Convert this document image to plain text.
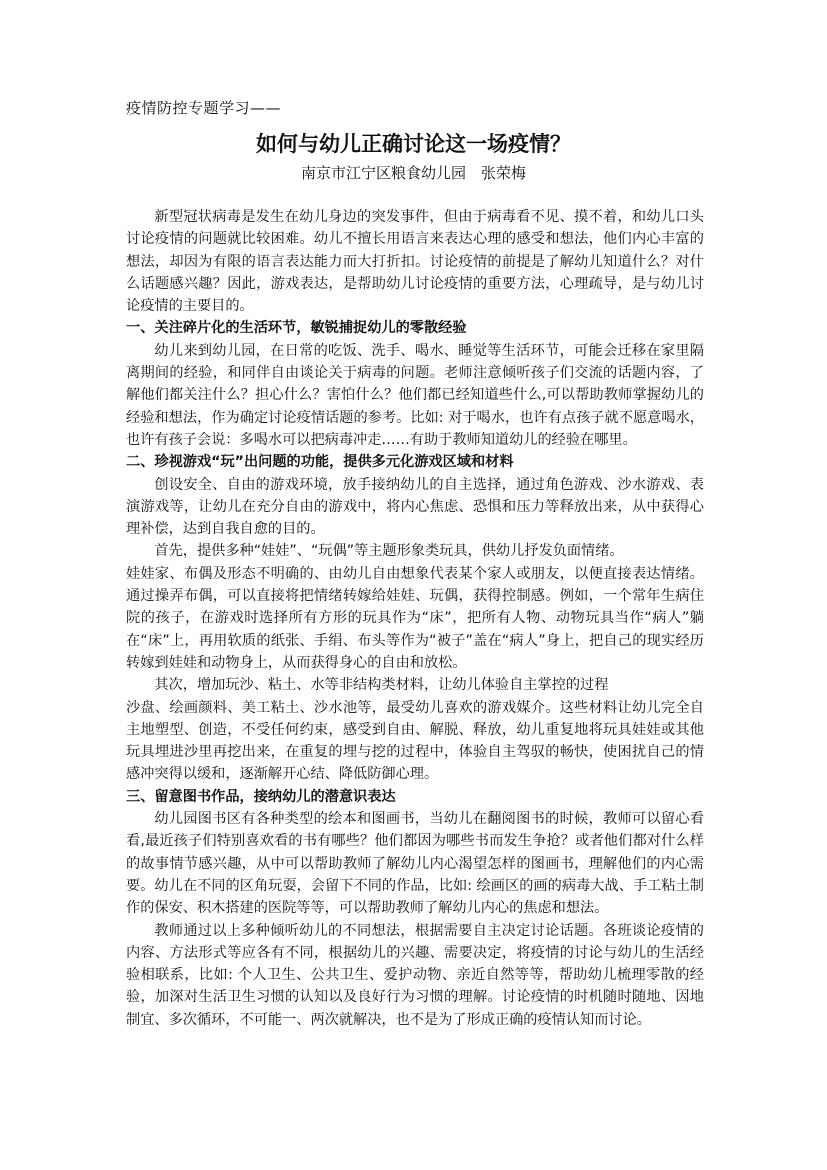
疫情防控专题学习——
如何与幼儿正确讨论这一场疫情？
南京市江宁区粮食幼儿园　张荣梅

新型冠状病毒是发生在幼儿身边的突发事件，但由于病毒看不见、摸不着，和幼儿口头讨论疫情的问题就比较困难。幼儿不擅长用语言来表达心理的感受和想法，他们内心丰富的想法，却因为有限的语言表达能力而大打折扣。讨论疫情的前提是了解幼儿知道什么？对什么话题感兴趣？因此，游戏表达，是帮助幼儿讨论疫情的重要方法，心理疏导，是与幼儿讨论疫情的主要目的。

一、关注碎片化的生活环节，敏锐捕捉幼儿的零散经验

幼儿来到幼儿园，在日常的吃饭、洗手、喝水、睡觉等生活环节，可能会迁移在家里隔离期间的经验，和同伴自由谈论关于病毒的问题。老师注意倾听孩子们交流的话题内容，了解他们都关注什么？担心什么？害怕什么？他们都已经知道些什么,可以帮助教师掌握幼儿的经验和想法，作为确定讨论疫情话题的参考。比如: 对于喝水，也许有点孩子就不愿意喝水，也许有孩子会说：多喝水可以把病毒冲走……有助于教师知道幼儿的经验在哪里。

二、珍视游戏“玩”出问题的功能，提供多元化游戏区域和材料

创设安全、自由的游戏环境，放手接纳幼儿的自主选择，通过角色游戏、沙水游戏、表演游戏等，让幼儿在充分自由的游戏中，将内心焦虑、恐惧和压力等释放出来，从中获得心理补偿，达到自我自愈的目的。

首先，提供多种“娃娃”、“玩偶”等主题形象类玩具，供幼儿抒发负面情绪。

娃娃家、布偶及形态不明确的、由幼儿自由想象代表某个家人或朋友，以便直接表达情绪。通过操弄布偶，可以直接将把情绪转嫁给娃娃、玩偶，获得控制感。例如，一个常年生病住院的孩子，在游戏时选择所有方形的玩具作为“床”，把所有人物、动物玩具当作“病人”躺在“床”上，再用软质的纸张、手绢、布头等作为“被子”盖在“病人”身上，把自己的现实经历转嫁到娃娃和动物身上，从而获得身心的自由和放松。

其次，增加玩沙、粘土、水等非结构类材料，让幼儿体验自主掌控的过程

沙盘、绘画颜料、美工粘土、沙水池等，最受幼儿喜欢的游戏媒介。这些材料让幼儿完全自主地塑型、创造，不受任何约束，感受到自由、解脱、释放，幼儿重复地将玩具娃娃或其他玩具埋进沙里再挖出来，在重复的埋与挖的过程中，体验自主驾驭的畅快，使困扰自己的情感冲突得以缓和，逐渐解开心结、降低防御心理。

三、留意图书作品，接纳幼儿的潜意识表达

幼儿园图书区有各种类型的绘本和图画书，当幼儿在翻阅图书的时候，教师可以留心看看,最近孩子们特别喜欢看的书有哪些？他们都因为哪些书而发生争抢？或者他们都对什么样的故事情节感兴趣，从中可以帮助教师了解幼儿内心渴望怎样的图画书，理解他们的内心需要。幼儿在不同的区角玩耍，会留下不同的作品，比如: 绘画区的画的病毒大战、手工粘土制作的保安、积木搭建的医院等等，可以帮助教师了解幼儿内心的焦虑和想法。

教师通过以上多种倾听幼儿的不同想法，根据需要自主决定讨论话题。各班谈论疫情的内容、方法形式等应各有不同，根据幼儿的兴趣、需要决定，将疫情的讨论与幼儿的生活经验相联系，比如: 个人卫生、公共卫生、爱护动物、亲近自然等等，帮助幼儿梳理零散的经验，加深对生活卫生习惯的认知以及良好行为习惯的理解。讨论疫情的时机随时随地、因地制宜、多次循环，不可能一、两次就解决，也不是为了形成正确的疫情认知而讨论。
